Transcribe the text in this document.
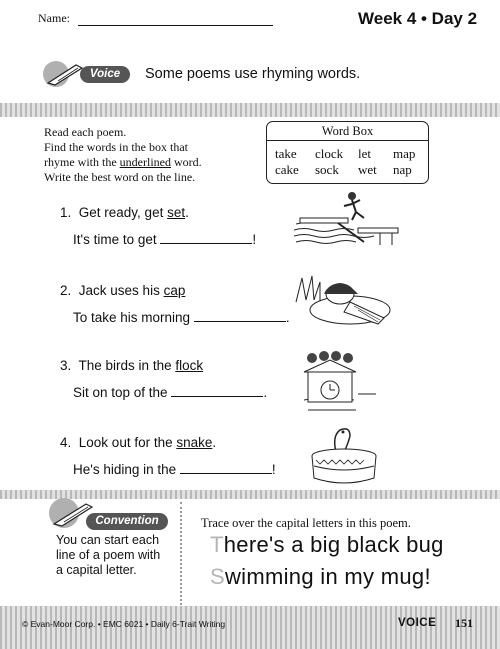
Name:	Week 4 • Day 2
Voice	Some poems use rhyming words.
Read each poem.
Find the words in the box that
rhyme with the underlined word.
Write the best word on the line.
Word Box
take clock let map
cake sock wet nap
1. Get ready, get set.
It's time to get	!
2. Jack uses his cap
To take his morning	.
3. The birds in the flock
Sit on top of the	.
4. Look out for the snake.
He's hiding in the	!
Convention
You can start each
line of a poem with
a capital letter.
Trace over the capital letters in this poem.
There's a big black bug
Swimming in my mug!
© Evan-Moor Corp. • EMC 6021 • Daily 6-Trait Writing	VOICE 151
